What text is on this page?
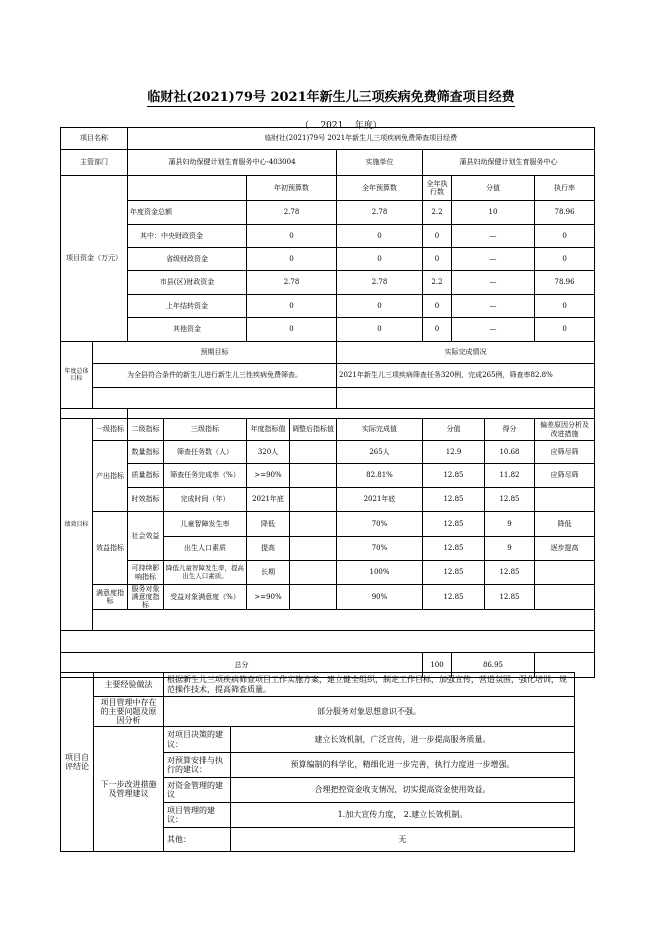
临财社(2021)79号 2021年新生儿三项疾病免费筛查项目经费
（    2021    年度）
项目名称		临财社(2021)79号 2021年新生儿三项疾病免费筛查项目经费									
主管部门		蒲县妇幼保健计划生育服务中心-403004				实施单位	蒲县妇幼保健计划生育服务中心				
项目资金（万元）				年初预算数		全年预算数	全年执行数	分值		执行率	
		年度资金总额		2.78		2.78	2.2	10		78.96	
		其中：中央财政资金		0		0	0	—		0	
		省级财政资金		0		0	0	—		0	
		市县(区)财政资金		2.78		2.78	2.2	—		78.96	
		上年结转资金		0		0	0	—		0	
		其他资金		0		0	0	—		0	
年度总体目标	预期目标					实际完成情况					
	为全县符合条件的新生儿进行新生儿三性疾病免费筛查。					2021年新生儿三项疾病筛查任务320例，完成265例，筛查率82.8%					

绩效目标	一级指标	二级指标	三级指标	年度指标值	调整后指标值	实际完成值	分值		得分	偏差原因分析及改进措施	
	产出指标	数量指标	筛查任务数（人）	320人		265人	12.9		10.68	应筛尽筛	
		质量指标	筛查任务完成率（%）	>=90%		82.81%	12.85		11.82	应筛尽筛	
		时效指标	完成时间（年）	2021年底		2021年底	12.85		12.85		
	效益指标	社会效益	儿童智障发生率	降低		70%	12.85		9	降低	
			出生人口素质	提高		70%	12.85		9	逐步提高	
		可持续影响指标	降低儿童智障发生率，提高出生人口素质。	长期		100%	12.85		12.85		
	满意度指标	服务对象满意度指标	受益对象满意度（%）	>=90%		90%	12.85		12.85		

总分							100	86.95			
项目自评结论	主要经验做法	根据新生儿三项疾病筛查项目工作实施方案，建立健全组织，制定工作目标，加强宣传，营造氛围，强化培训，规范操作技术，提高筛查质量。	
	项目管理中存在的主要问题及原因分析	部分服务对象思想意识不强。	
	下一步改进措施及管理建议	对项目决策的建议：	建立长效机制，广泛宣传，进一步提高服务质量。
		对预算安排与执行的建议：	预算编制的科学化，精细化进一步完善，执行力度进一步增强。
		对资金管理的建议	合理把控资金收支情况，切实提高资金使用效益。
		项目管理的建议：	1.加大宣传力度， 2.建立长效机制。
		其他：	无
